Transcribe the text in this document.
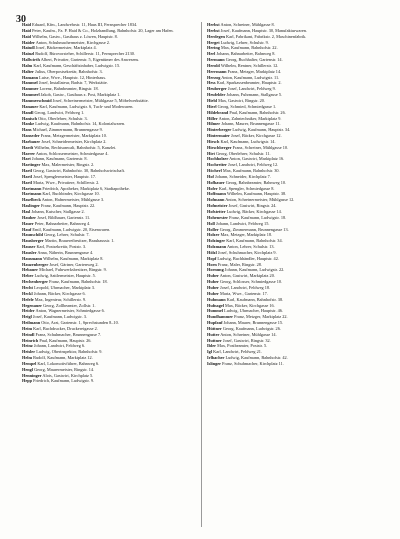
30

Haid Eduard, Kfm., Landwehrstr. 11, Haus III, Fernsprecher 1834.

Haid Peter, Kaufm., Fa. P. Haid & Co., Holzhandlung, Bahnhofstr. 20, Lager am Hafen.

Haid Wilhelm, Gastw., Gasthaus z. Löwen, Hauptstr. 8.

Haider Anton, Schuhmachermeister, Kirchgasse 2.

Haindl Josef, Bäckermeister, Marktplatz 4.

Hainzl Rudolf, Bürovorsteher, Schillerstr. 11, Fernsprecher 2130.

Hallwirth Albert, Privatier, Gartenstr. 5, Eigentümer des Anwesens.

Halm Karl, Kaufmann, Geschäftsinhaber, Ludwigstr. 15.

Halter Julius, Oberpostsekretär, Bahnhofstr. 3.

Hamann Luise, Wwe., Hauptstr. 12, Hinterhaus.

Hammel Josef, Installateur, Badstr. 7, Werkstätte.

Hammer Lorenz, Bahnbeamter, Ringstr. 18.

Hammerl Jakob, Gastw., Gasthaus z. Post, Marktplatz 1.

Hammerschmid Josef, Schreinermeister, Mühlgasse 5, Möbelwerkstätte.

Hanauer Karl, Kaufmann, Ludwigstr. 6, Tuch- und Modewaren.

Handl Georg, Landwirt, Feldweg 1.

Hanisch Otto, Oberlehrer, Schulstr. 3.

Hanke Ludwig, Kaufmann, Bahnhofstr. 14, Kolonialwaren.

Hans Michael, Zimmermann, Brunnengasse 9.

Hanseder Franz, Metzgermeister, Marktplatz 10.

Harbauer Josef, Schneidermeister, Kirchplatz 2.

Hardt Wilhelm, Rechtsanwalt, Bahnhofstr. 5, Kanzlei.

Harrer Anton, Schlossermeister, Schmiedgasse 4.

Hart Johann, Kaufmann, Gartenstr. 8.

Hartinger Max, Malermeister, Ringstr. 2.

Hartl Georg, Gastwirt, Bahnhofstr. 30, Bahnhofswirtschaft.

Hartl Josef, Spenglermeister, Hauptstr. 17.

Hartl Maria, Wwe., Privatiere, Schillerstr. 2.

Hartmann Friedrich, Apotheker, Marktplatz 6, Stadtapotheke.

Hartmann Karl, Buchbinder, Kirchgasse 10.

Haselbeck Anton, Hafnermeister, Mühlgasse 3.

Haslinger Franz, Kaufmann, Hauptstr. 22.

Hasl Johann, Kutscher, Stallgasse 2.

Hauber Josef, Bildhauer, Gartenstr. 11.

Hauer Peter, Bahnarbeiter, Bahnweg 4.

Hauf Emil, Kaufmann, Ludwigstr. 20, Eisenwaren.

Haunschild Georg, Lehrer, Schulstr. 7.

Hausberger Martin, Brauereibesitzer, Brauhausstr. 1.

Hauser Karl, Postsekretär, Poststr. 3.

Hausler Anna, Näherin, Brunnengasse 4.

Hausmann Wilhelm, Kaufmann, Marktplatz 8.

Hauzenberger Josef, Gärtner, Gartenweg 2.

Hebauer Michael, Fuhrwerksbesitzer, Ringstr. 9.

Heber Ludwig, Sattlermeister, Hauptstr. 5.

Hechenberger Franz, Kaufmann, Bahnhofstr. 18.

Hecht Leopold, Uhrmacher, Marktplatz 3.

Heckl Johann, Bäcker, Kirchgasse 6.

Hefele Max, Ingenieur, Schillerstr. 9.

Hegenauer Georg, Zollbeamter, Zollstr. 1.

Heider Anton, Wagnermeister, Schmiedgasse 6.

Heigl Josef, Kaufmann, Ludwigstr. 3.

Heilmann Otto, Arzt, Gartenstr. 1, Sprechstunden 8–10.

Heim Karl, Buchdrucker, Druckereigasse 2.

Heindl Franz, Schuhmacher, Brunnengasse 7.

Heinrich Paul, Kaufmann, Hauptstr. 26.

Heinz Johann, Landwirt, Feldweg 6.

Heisler Ludwig, Oberinspektor, Bahnhofstr. 9.

Helm Rudolf, Kaufmann, Marktplatz 12.

Hempel Karl, Lokomotivführer, Bahnweg 6.

Hengl Georg, Maurermeister, Ringstr. 14.

Henninger Alois, Gastwirt, Kirchplatz 5.

Hepp Friedrich, Kaufmann, Ludwigstr. 9.

Herbst Anton, Schreiner, Mühlgasse 8.

Herbst Josef, Kaufmann, Hauptstr. 30, Manufakturwaren.

Herdegen Karl, Fabrikant, Fabrikstr. 2, Maschinenfabrik.

Herget Ludwig, Lehrer, Schulstr. 9.

Hering Max, Kaufmann, Bahnhofstr. 22.

Herl Johann, Bahnarbeiter, Bahnweg 8.

Hermann Georg, Buchhalter, Gartenstr. 14.

Herold Wilhelm, Rentner, Schillerstr. 12.

Herrmann Franz, Metzger, Marktplatz 14.

Herzog Anton, Kaufmann, Ludwigstr. 11.

Hess Karl, Sparkassenbeamter, Hauptstr. 2.

Heuberger Josef, Landwirt, Feldweg 9.

Heufelder Johann, Fuhrmann, Stallgasse 5.

Hiebl Max, Gastwirt, Ringstr. 20.

Hierl Georg, Schmied, Schmiedgasse 1.

Hildebrand Paul, Kaufmann, Bahnhofstr. 26.

Hiller Anton, Zahntechniker, Marktplatz 9.

Hilmer Johann, Maurer, Brunnengasse 11.

Hinterberger Ludwig, Kaufmann, Hauptstr. 34.

Hintermaier Josef, Bäcker, Kirchgasse 12.

Hirsch Karl, Kaufmann, Ludwigstr. 14.

Hirschberger Franz, Schreiner, Mühlgasse 10.

Hirt Georg, Oberlehrer, Schulstr. 11.

Hochholzer Anton, Gastwirt, Marktplatz 16.

Hochreiter Josef, Landwirt, Feldweg 12.

Höcherl Max, Kaufmann, Bahnhofstr. 30.

Hof Johann, Schneider, Kirchplatz 7.

Hofbauer Georg, Bahnbeamter, Bahnweg 10.

Hofer Karl, Spengler, Schmiedgasse 8.

Hoffmann Wilhelm, Kaufmann, Hauptstr. 38.

Hofmann Anton, Schreinermeister, Mühlgasse 12.

Hofmeister Josef, Gastwirt, Ringstr. 24.

Hofstetter Ludwig, Bäcker, Kirchgasse 14.

Hohenester Franz, Kaufmann, Ludwigstr. 18.

Holl Johann, Landwirt, Feldweg 15.

Holler Georg, Zimmermann, Brunnengasse 13.

Holzer Max, Metzger, Marktplatz 18.

Holzinger Karl, Kaufmann, Bahnhofstr. 34.

Holzmann Anton, Lehrer, Schulstr. 13.

Hölzl Josef, Schuhmacher, Kirchplatz 9.

Hopf Ludwig, Buchhändler, Hauptstr. 42.

Horn Franz, Maler, Ringstr. 28.

Hornung Johann, Kaufmann, Ludwigstr. 22.

Huber Anton, Gastwirt, Marktplatz 20.

Huber Georg, Schlosser, Schmiedgasse 10.

Huber Josef, Landwirt, Feldweg 18.

Huber Maria, Wwe., Gartenstr. 17.

Hubmann Karl, Kaufmann, Bahnhofstr. 38.

Hufnagel Max, Bäcker, Kirchgasse 16.

Hummel Ludwig, Uhrmacher, Hauptstr. 46.

Hundhammer Franz, Metzger, Marktplatz 22.

Hupfauf Johann, Maurer, Brunnengasse 15.

Hüttner Georg, Kaufmann, Ludwigstr. 26.

Hutter Anton, Schreiner, Mühlgasse 14.

Huttner Josef, Gastwirt, Ringstr. 32.

Ibler Max, Postbeamter, Poststr. 5.

Igl Karl, Landwirt, Feldweg 21.

Irlbacher Ludwig, Kaufmann, Bahnhofstr. 42.

Islinger Franz, Schuhmacher, Kirchplatz 11.
